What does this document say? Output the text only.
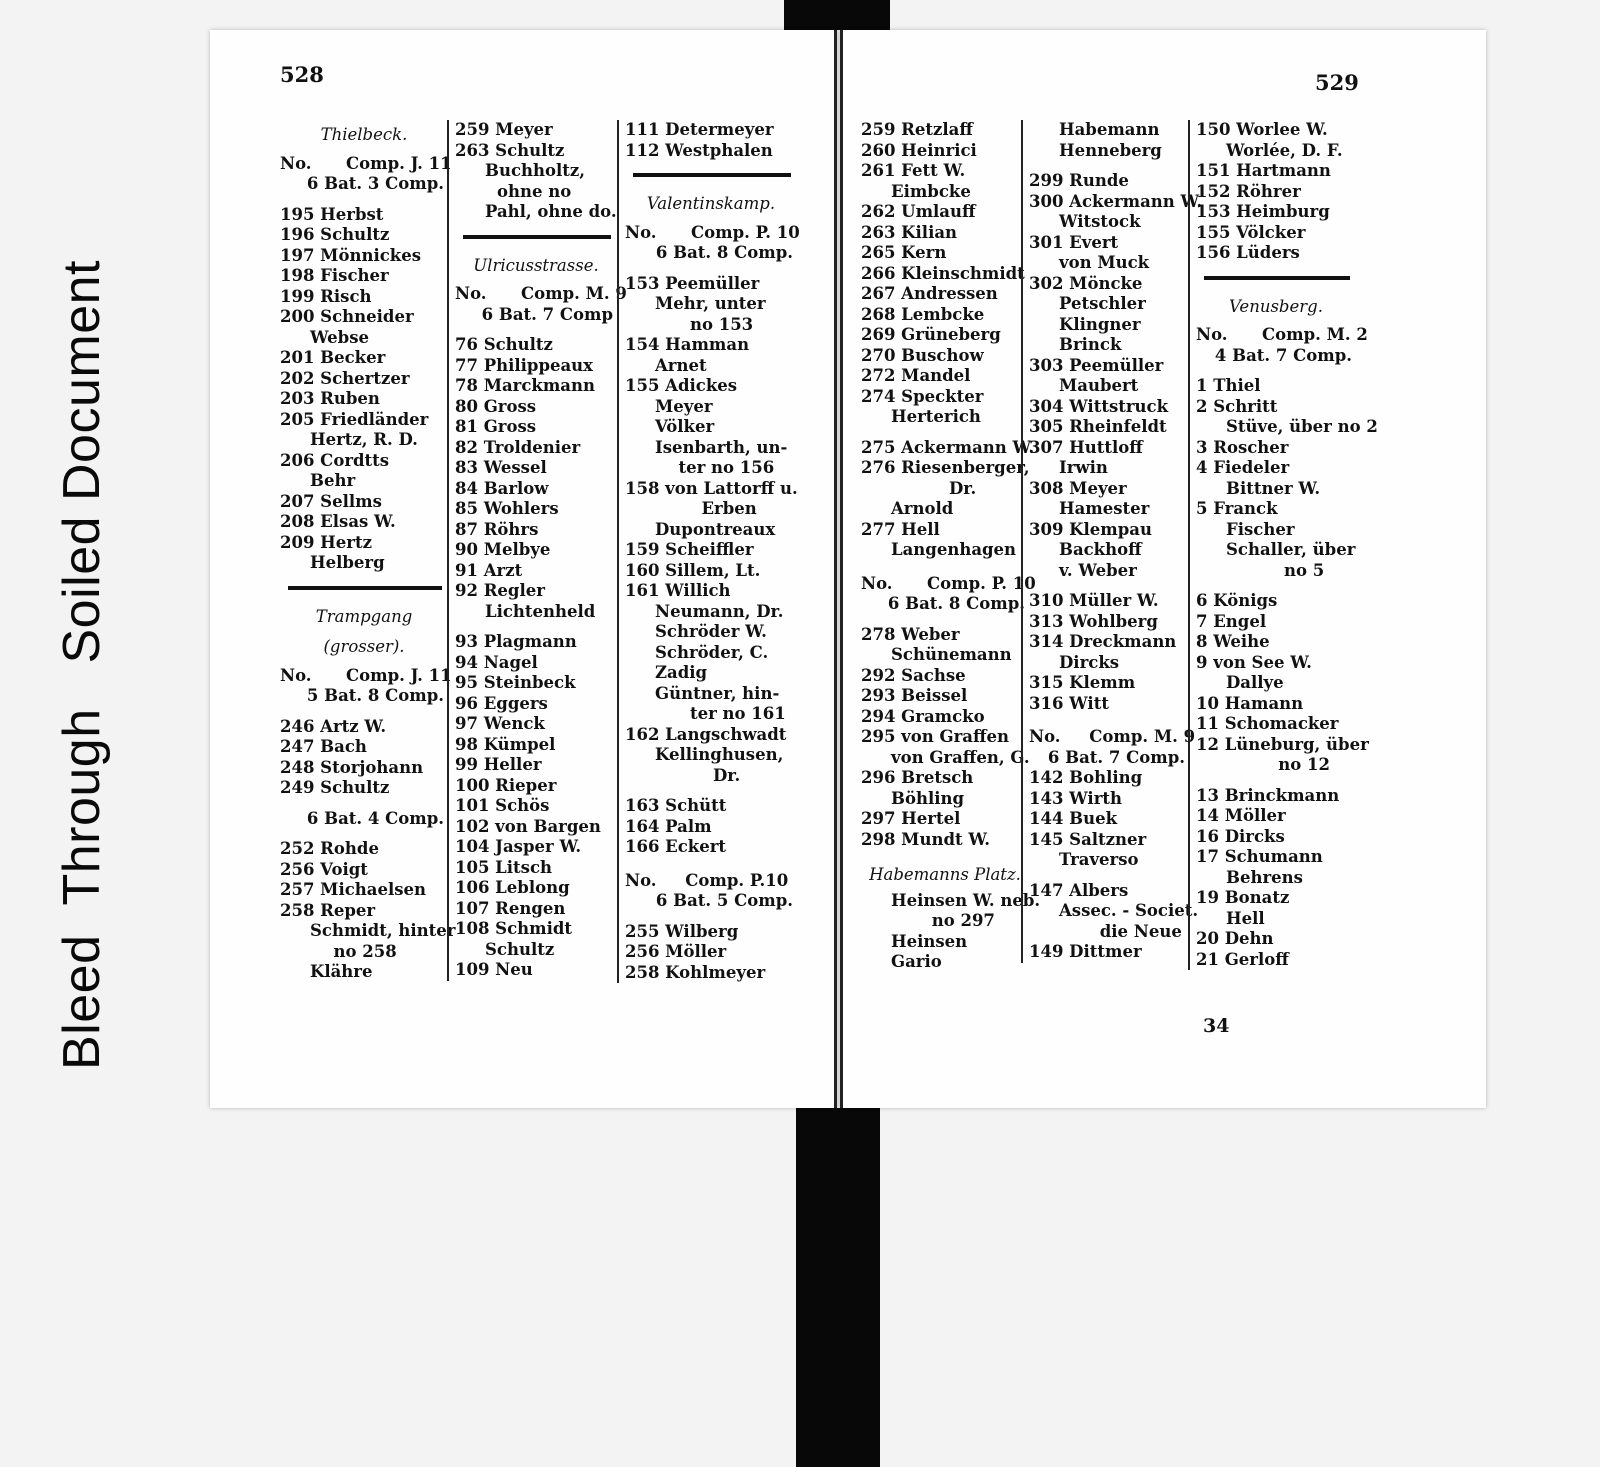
Bleed  Through   Soiled Document
528
Thielbeck.
No.      Comp. J. 11
6 Bat. 3 Comp.
195 Herbst
196 Schultz
197 Mönnickes
198 Fischer
199 Risch
200 Schneider
Webse
201 Becker
202 Schertzer
203 Ruben
205 Friedländer
Hertz, R. D.
206 Cordtts
Behr
207 Sellms
208 Elsas W.
209 Hertz
Helberg
Trampgang
(grosser).
No.      Comp. J. 11
5 Bat. 8 Comp.
246 Artz W.
247 Bach
248 Storjohann
249 Schultz
6 Bat. 4 Comp.
252 Rohde
256 Voigt
257 Michaelsen
258 Reper
Schmidt, hinter
no 258
Klähre
259 Meyer
263 Schultz
Buchholtz,
ohne no
Pahl, ohne do.
Ulricusstrasse.
No.      Comp. M. 9
6 Bat. 7 Comp
76 Schultz
77 Philippeaux
78 Marckmann
80 Gross
81 Gross
82 Troldenier
83 Wessel
84 Barlow
85 Wohlers
87 Röhrs
90 Melbye
91 Arzt
92 Regler
Lichtenheld
93 Plagmann
94 Nagel
95 Steinbeck
96 Eggers
97 Wenck
98 Kümpel
99 Heller
100 Rieper
101 Schös
102 von Bargen
104 Jasper W.
105 Litsch
106 Leblong
107 Rengen
108 Schmidt
Schultz
109 Neu
111 Determeyer
112 Westphalen
Valentinskamp.
No.      Comp. P. 10
6 Bat. 8 Comp.
153 Peemüller
Mehr, unter
no 153
154 Hamman
Arnet
155 Adickes
Meyer
Völker
Isenbarth, un-
ter no 156
158 von Lattorff u.
Erben
Dupontreaux
159 Scheiffler
160 Sillem, Lt.
161 Willich
Neumann, Dr.
Schröder W.
Schröder, C.
Zadig
Güntner, hin-
ter no 161
162 Langschwadt
Kellinghusen,
Dr.
163 Schütt
164 Palm
166 Eckert
No.     Comp. P.10
6 Bat. 5 Comp.
255 Wilberg
256 Möller
258 Kohlmeyer
529
259 Retzlaff
260 Heinrici
261 Fett W.
Eimbcke
262 Umlauff
263 Kilian
265 Kern
266 Kleinschmidt
267 Andressen
268 Lembcke
269 Grüneberg
270 Buschow
272 Mandel
274 Speckter
Herterich
275 Ackermann W.
276 Riesenberger,
Dr.
Arnold
277 Hell
Langenhagen
No.      Comp. P. 10
6 Bat. 8 Comp.
278 Weber
Schünemann
292 Sachse
293 Beissel
294 Gramcko
295 von Graffen
von Graffen, G.
296 Bretsch
Böhling
297 Hertel
298 Mundt W.
Habemanns Platz.
Heinsen W. neb.
no 297
Heinsen
Gario
Habemann
Henneberg
299 Runde
300 Ackermann W.
Witstock
301 Evert
von Muck
302 Möncke
Petschler
Klingner
Brinck
303 Peemüller
Maubert
304 Wittstruck
305 Rheinfeldt
307 Huttloff
Irwin
308 Meyer
Hamester
309 Klempau
Backhoff
v. Weber
310 Müller W.
313 Wohlberg
314 Dreckmann
Dircks
315 Klemm
316 Witt
No.     Comp. M. 9
6 Bat. 7 Comp.
142 Bohling
143 Wirth
144 Buek
145 Saltzner
Traverso
147 Albers
Assec. - Societ.
die Neue
149 Dittmer
150 Worlee W.
Worlée, D. F.
151 Hartmann
152 Röhrer
153 Heimburg
155 Völcker
156 Lüders
Venusberg.
No.      Comp. M. 2
4 Bat. 7 Comp.
1 Thiel
2 Schritt
Stüve, über no 2
3 Roscher
4 Fiedeler
Bittner W.
5 Franck
Fischer
Schaller, über
no 5
6 Königs
7 Engel
8 Weihe
9 von See W.
Dallye
10 Hamann
11 Schomacker
12 Lüneburg, über
no 12
13 Brinckmann
14 Möller
16 Dircks
17 Schumann
Behrens
19 Bonatz
Hell
20 Dehn
21 Gerloff
34
